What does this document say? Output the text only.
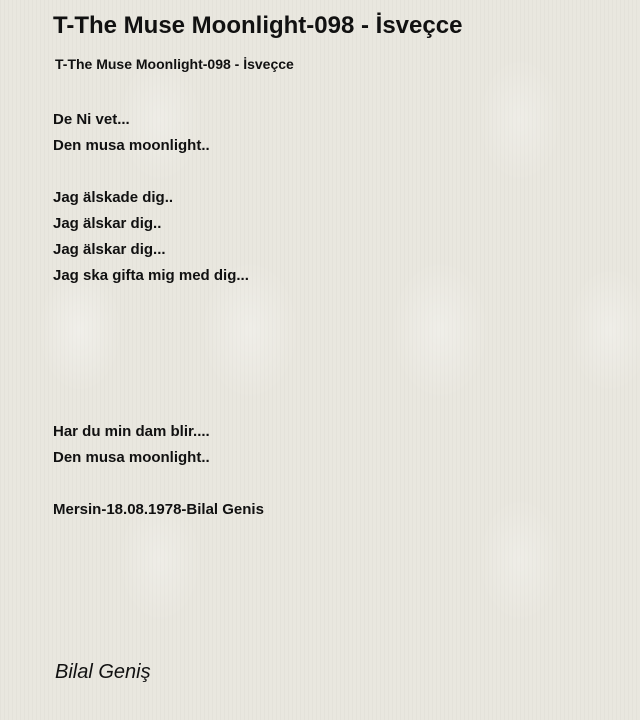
T-The Muse Moonlight-098 - İsveçce
T-The Muse Moonlight-098 - İsveçce
De Ni vet...
Den musa moonlight..
Jag älskade dig..
Jag älskar dig..
Jag älskar dig...
Jag ska gifta mig med dig...
Har du min dam blir....
Den musa moonlight..
Mersin-18.08.1978-Bilal Genis
Bilal Geniş
